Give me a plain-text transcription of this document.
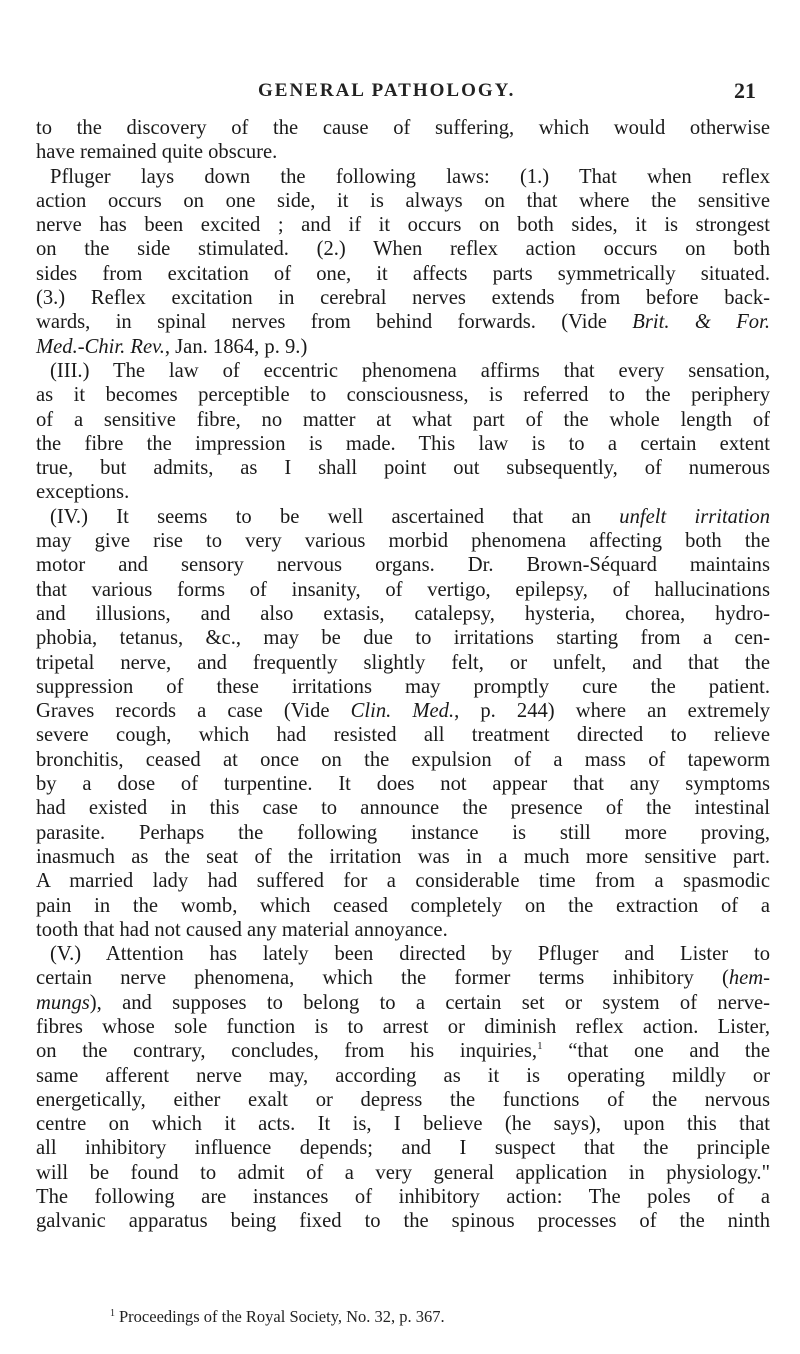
GENERAL PATHOLOGY.	21
to the discovery of the cause of suffering, which would otherwise
have remained quite obscure.
Pfluger lays down the following laws: (1.) That when reflex
action occurs on one side, it is always on that where the sensitive
nerve has been excited ; and if it occurs on both sides, it is strongest
on the side stimulated. (2.) When reflex action occurs on both
sides from excitation of one, it affects parts symmetrically situated.
(3.) Reflex excitation in cerebral nerves extends from before back-
wards, in spinal nerves from behind forwards. (Vide Brit. & For.
Med.-Chir. Rev., Jan. 1864, p. 9.)
(III.) The law of eccentric phenomena affirms that every sensation,
as it becomes perceptible to consciousness, is referred to the periphery
of a sensitive fibre, no matter at what part of the whole length of
the fibre the impression is made. This law is to a certain extent
true, but admits, as I shall point out subsequently, of numerous
exceptions.
(IV.) It seems to be well ascertained that an unfelt irritation
may give rise to very various morbid phenomena affecting both the
motor and sensory nervous organs. Dr. Brown-Séquard maintains
that various forms of insanity, of vertigo, epilepsy, of hallucinations
and illusions, and also extasis, catalepsy, hysteria, chorea, hydro-
phobia, tetanus, &c., may be due to irritations starting from a cen-
tripetal nerve, and frequently slightly felt, or unfelt, and that the
suppression of these irritations may promptly cure the patient.
Graves records a case (Vide Clin. Med., p. 244) where an extremely
severe cough, which had resisted all treatment directed to relieve
bronchitis, ceased at once on the expulsion of a mass of tapeworm
by a dose of turpentine. It does not appear that any symptoms
had existed in this case to announce the presence of the intestinal
parasite. Perhaps the following instance is still more proving,
inasmuch as the seat of the irritation was in a much more sensitive part.
A married lady had suffered for a considerable time from a spasmodic
pain in the womb, which ceased completely on the extraction of a
tooth that had not caused any material annoyance.
(V.) Attention has lately been directed by Pfluger and Lister to
certain nerve phenomena, which the former terms inhibitory (hem-
mungs), and supposes to belong to a certain set or system of nerve-
fibres whose sole function is to arrest or diminish reflex action. Lister,
on the contrary, concludes, from his inquiries,$^1$ “that one and the
same afferent nerve may, according as it is operating mildly or
energetically, either exalt or depress the functions of the nervous
centre on which it acts. It is, I believe (he says), upon this that
all inhibitory influence depends; and I suspect that the principle
will be found to admit of a very general application in physiology."
The following are instances of inhibitory action: The poles of a
galvanic apparatus being fixed to the spinous processes of the ninth
$^1$ Proceedings of the Royal Society, No. 32, p. 367.
